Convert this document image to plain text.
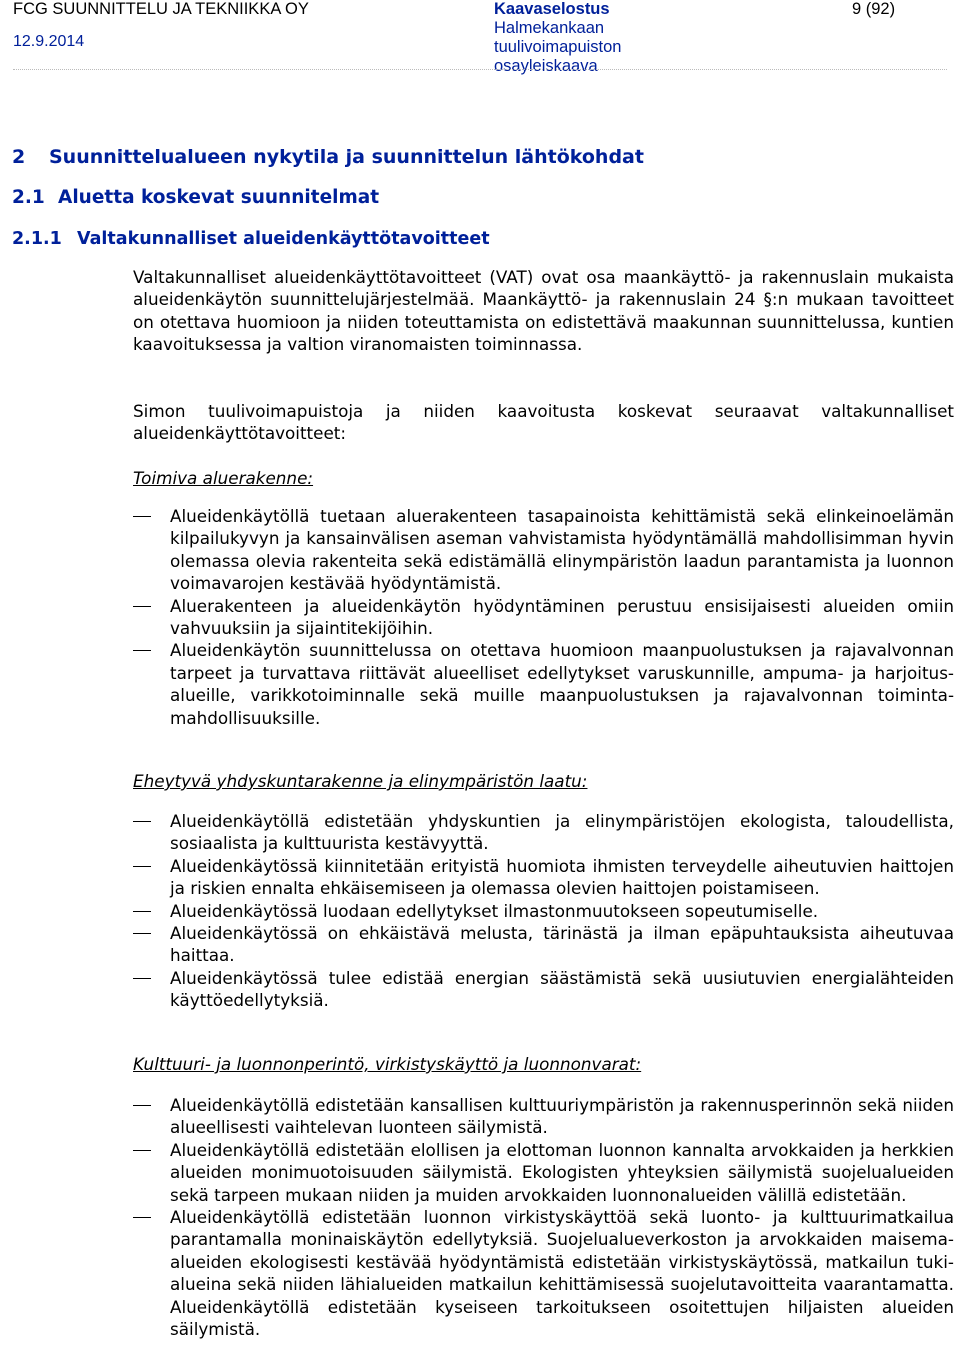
FCG SUUNNITTELU JA TEKNIIKKA OY
12.9.2014
Kaavaselostus
Halmekankaan
tuulivoimapuiston
osayleiskaava
9 (92)
2 Suunnittelualueen nykytila ja suunnittelun lähtökohdat
2.1 Aluetta koskevat suunnitelmat
2.1.1 Valtakunnalliset alueidenkäyttötavoitteet

Valtakunnalliset alueidenkäyttötavoitteet (VAT) ovat osa maankäyttö- ja rakennuslain mukaista alueidenkäytön suunnittelujärjestelmää. Maankäyttö- ja rakennuslain 24 §:n mukaan tavoitteet on otettava huomioon ja niiden toteuttamista on edistettävä maakunnan suunnittelussa, kuntien kaavoituksessa ja valtion viranomaisten toiminnassa.

Simon tuulivoimapuistoja ja niiden kaavoitusta koskevat seuraavat valtakunnalliset alueidenkäyttötavoitteet:

Toimiva aluerakenne:

Alueidenkäytöllä tuetaan aluerakenteen tasapainoista kehittämistä sekä elinkeinoelämän kilpailukyvyn ja kansainvälisen aseman vahvistamista hyödyntämällä mahdollisimman hyvin olemassa olevia rakenteita sekä edistämällä elinympäristön laadun parantamista ja luonnon voimavarojen kestävää hyödyntämistä.
Aluerakenteen ja alueidenkäytön hyödyntäminen perustuu ensisijaisesti alueiden omiin vahvuuksiin ja sijaintitekijöihin.
Alueidenkäytön suunnittelussa on otettava huomioon maanpuolustuksen ja rajavalvonnan tarpeet ja turvattava riittävät alueelliset edellytykset varuskunnille, ampuma- ja harjoitus-alueille, varikkotoiminnalle sekä muille maanpuolustuksen ja rajavalvonnan toiminta-mahdollisuuksille.

Eheytyvä yhdyskuntarakenne ja elinympäristön laatu:

Alueidenkäytöllä edistetään yhdyskuntien ja elinympäristöjen ekologista, taloudellista, sosiaalista ja kulttuurista kestävyyttä.
Alueidenkäytössä kiinnitetään erityistä huomiota ihmisten terveydelle aiheutuvien haittojen ja riskien ennalta ehkäisemiseen ja olemassa olevien haittojen poistamiseen.
Alueidenkäytössä luodaan edellytykset ilmastonmuutokseen sopeutumiselle.
Alueidenkäytössä on ehkäistävä melusta, tärinästä ja ilman epäpuhtauksista aiheutuvaa haittaa.
Alueidenkäytössä tulee edistää energian säästämistä sekä uusiutuvien energialähteiden käyttöedellytyksiä.

Kulttuuri- ja luonnonperintö, virkistyskäyttö ja luonnonvarat:

Alueidenkäytöllä edistetään kansallisen kulttuuriympäristön ja rakennusperinnön sekä niiden alueellisesti vaihtelevan luonteen säilymistä.
Alueidenkäytöllä edistetään elollisen ja elottoman luonnon kannalta arvokkaiden ja herkkien alueiden monimuotoisuuden säilymistä. Ekologisten yhteyksien säilymistä suojelualueiden sekä tarpeen mukaan niiden ja muiden arvokkaiden luonnonalueiden välillä edistetään.
Alueidenkäytöllä edistetään luonnon virkistyskäyttöä sekä luonto- ja kulttuurimatkailua parantamalla moninaiskäytön edellytyksiä. Suojelualueverkoston ja arvokkaiden maisema-alueiden ekologisesti kestävää hyödyntämistä edistetään virkistyskäytössä, matkailun tuki-alueina sekä niiden lähialueiden matkailun kehittämisessä suojelutavoitteita vaarantamatta. Alueidenkäytöllä edistetään kyseiseen tarkoitukseen osoitettujen hiljaisten alueiden säilymistä.
